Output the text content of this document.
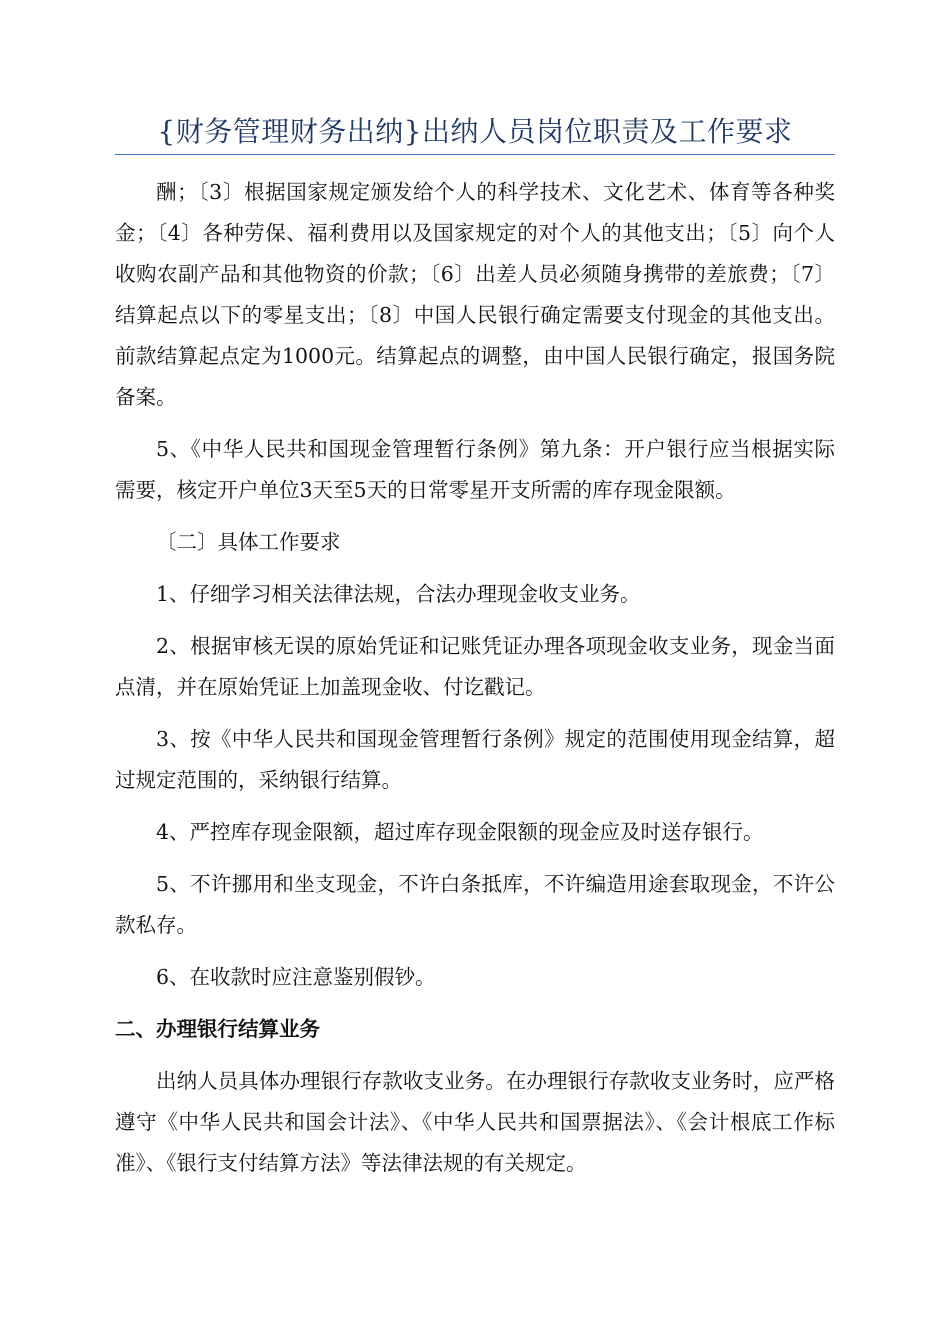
{财务管理财务出纳}出纳人员岗位职责及工作要求

酬；〔3〕根据国家规定颁发给个人的科学技术、文化艺术、体育等各种奖金；〔4〕各种劳保、福利费用以及国家规定的对个人的其他支出；〔5〕向个人收购农副产品和其他物资的价款；〔6〕出差人员必须随身携带的差旅费；〔7〕结算起点以下的零星支出；〔8〕中国人民银行确定需要支付现金的其他支出。前款结算起点定为1000元。结算起点的调整，由中国人民银行确定，报国务院备案。

5、《中华人民共和国现金管理暂行条例》第九条：开户银行应当根据实际需要，核定开户单位3天至5天的日常零星开支所需的库存现金限额。

〔二〕具体工作要求

1、仔细学习相关法律法规，合法办理现金收支业务。

2、根据审核无误的原始凭证和记账凭证办理各项现金收支业务，现金当面点清，并在原始凭证上加盖现金收、付讫戳记。

3、按《中华人民共和国现金管理暂行条例》规定的范围使用现金结算，超过规定范围的，采纳银行结算。

4、严控库存现金限额，超过库存现金限额的现金应及时送存银行。

5、不许挪用和坐支现金，不许白条抵库，不许编造用途套取现金，不许公款私存。

6、在收款时应注意鉴别假钞。

二、办理银行结算业务

出纳人员具体办理银行存款收支业务。在办理银行存款收支业务时，应严格遵守《中华人民共和国会计法》、《中华人民共和国票据法》、《会计根底工作标准》、《银行支付结算方法》等法律法规的有关规定。
